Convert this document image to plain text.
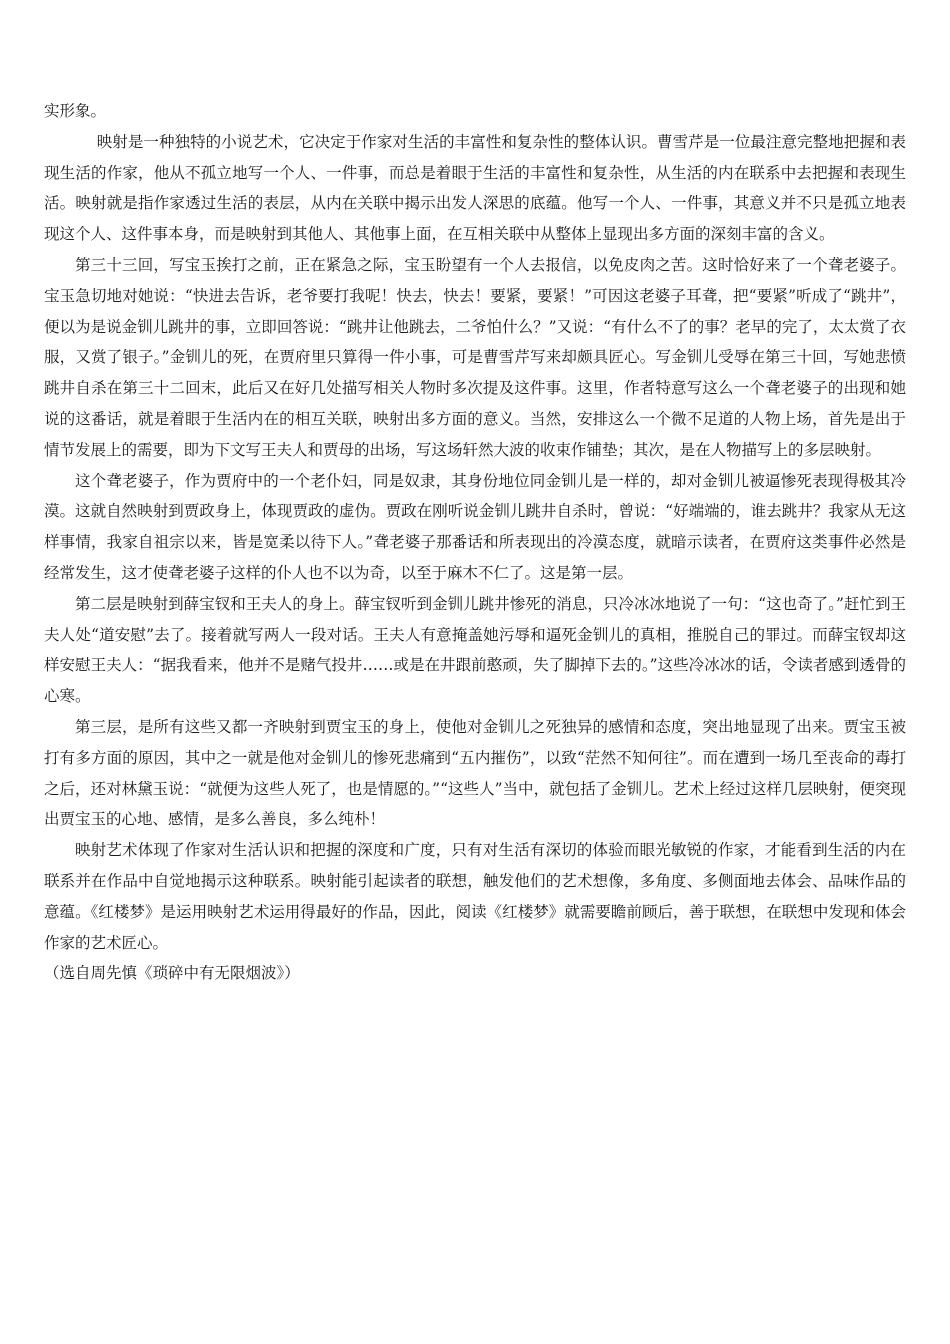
实形象。

映射是一种独特的小说艺术，它决定于作家对生活的丰富性和复杂性的整体认识。曹雪芹是一位最注意完整地把握和表现生活的作家，他从不孤立地写一个人、一件事，而总是着眼于生活的丰富性和复杂性，从生活的内在联系中去把握和表现生活。映射就是指作家透过生活的表层，从内在关联中揭示出发人深思的底蕴。他写一个人、一件事，其意义并不只是孤立地表现这个人、这件事本身，而是映射到其他人、其他事上面，在互相关联中从整体上显现出多方面的深刻丰富的含义。

第三十三回，写宝玉挨打之前，正在紧急之际，宝玉盼望有一个人去报信，以免皮肉之苦。这时恰好来了一个聋老婆子。宝玉急切地对她说：“快进去告诉，老爷要打我呢！快去，快去！要紧，要紧！”可因这老婆子耳聋，把“要紧”听成了“跳井”，便以为是说金钏儿跳井的事，立即回答说：“跳井让他跳去，二爷怕什么？”又说：“有什么不了的事？老早的完了，太太赏了衣服，又赏了银子。”金钏儿的死，在贾府里只算得一件小事，可是曹雪芹写来却颇具匠心。写金钏儿受辱在第三十回，写她悲愤跳井自杀在第三十二回末，此后又在好几处描写相关人物时多次提及这件事。这里，作者特意写这么一个聋老婆子的出现和她说的这番话，就是着眼于生活内在的相互关联，映射出多方面的意义。当然，安排这么一个微不足道的人物上场，首先是出于情节发展上的需要，即为下文写王夫人和贾母的出场，写这场轩然大波的收束作铺垫；其次，是在人物描写上的多层映射。

这个聋老婆子，作为贾府中的一个老仆妇，同是奴隶，其身份地位同金钏儿是一样的，却对金钏儿被逼惨死表现得极其冷漠。这就自然映射到贾政身上，体现贾政的虚伪。贾政在刚听说金钏儿跳井自杀时，曾说：“好端端的，谁去跳井？我家从无这样事情，我家自祖宗以来，皆是宽柔以待下人。”聋老婆子那番话和所表现出的冷漠态度，就暗示读者，在贾府这类事件必然是经常发生，这才使聋老婆子这样的仆人也不以为奇，以至于麻木不仁了。这是第一层。

第二层是映射到薛宝钗和王夫人的身上。薛宝钗听到金钏儿跳井惨死的消息，只冷冰冰地说了一句：“这也奇了。”赶忙到王夫人处“道安慰”去了。接着就写两人一段对话。王夫人有意掩盖她污辱和逼死金钏儿的真相，推脱自己的罪过。而薛宝钗却这样安慰王夫人：“据我看来，他并不是赌气投井……或是在井跟前憨顽，失了脚掉下去的。”这些冷冰冰的话，令读者感到透骨的心寒。

第三层，是所有这些又都一齐映射到贾宝玉的身上，使他对金钏儿之死独异的感情和态度，突出地显现了出来。贾宝玉被打有多方面的原因，其中之一就是他对金钏儿的惨死悲痛到“五内摧伤”，以致“茫然不知何往”。而在遭到一场几至丧命的毒打之后，还对林黛玉说：“就便为这些人死了，也是情愿的。”“这些人”当中，就包括了金钏儿。艺术上经过这样几层映射，便突现出贾宝玉的心地、感情，是多么善良，多么纯朴！

映射艺术体现了作家对生活认识和把握的深度和广度，只有对生活有深切的体验而眼光敏锐的作家，才能看到生活的内在联系并在作品中自觉地揭示这种联系。映射能引起读者的联想，触发他们的艺术想像，多角度、多侧面地去体会、品味作品的意蕴。《红楼梦》是运用映射艺术运用得最好的作品，因此，阅读《红楼梦》就需要瞻前顾后，善于联想，在联想中发现和体会作家的艺术匠心。

（选自周先慎《琐碎中有无限烟波》）
